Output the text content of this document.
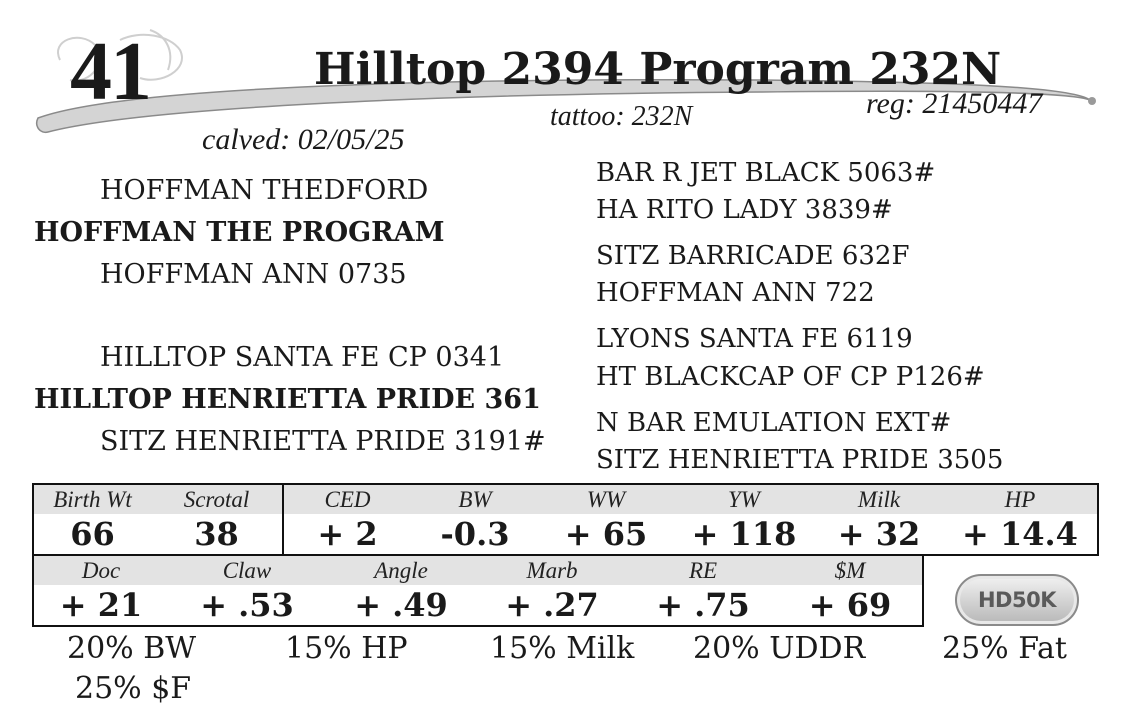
41	Hilltop 2394 Program 232N
reg: 21450447
tattoo: 232N
calved: 02/05/25
HOFFMAN THEDFORD
HOFFMAN THE PROGRAM
HOFFMAN ANN 0735
HILLTOP SANTA FE CP 0341
HILLTOP HENRIETTA PRIDE 361
SITZ HENRIETTA PRIDE 3191#
BAR R JET BLACK 5063#
HA RITO LADY 3839#
SITZ BARRICADE 632F
HOFFMAN ANN 722
LYONS SANTA FE 6119
HT BLACKCAP OF CP P126#
N BAR EMULATION EXT#
SITZ HENRIETTA PRIDE 3505
Birth Wt	Scrotal	CED	BW	WW	YW	Milk	HP
66	38	+ 2	-0.3	+ 65	+ 118	+ 32	+ 14.4
Doc	Claw	Angle	Marb	RE	$M
+ 21	+ .53	+ .49	+ .27	+ .75	+ 69	HD50K
20% BW	15% HP	15% Milk 20% UDDR	25% Fat
25% $F
